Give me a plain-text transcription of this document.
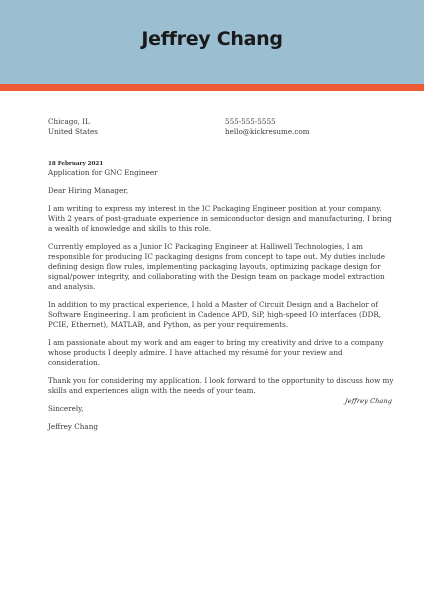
Jeffrey Chang
Chicago, IL
United States
555-555-5555
hello@kickresume.com
18 February 2021
Application for GNC Engineer

Dear Hiring Manager,

I am writing to express my interest in the IC Packaging Engineer position at your company. With 2 years of post-graduate experience in semiconductor design and manufacturing, I bring a wealth of knowledge and skills to this role.

Currently employed as a Junior IC Packaging Engineer at Halliwell Technologies, I am responsible for producing IC packaging designs from concept to tape out. My duties include defining design flow rules, implementing packaging layouts, optimizing package design for signal/power integrity, and collaborating with the Design team on package model extraction and analysis.

In addition to my practical experience, I hold a Master of Circuit Design and a Bachelor of Software Engineering. I am proficient in Cadence APD, SiP, high-speed IO interfaces (DDR, PCIE, Ethernet), MATLAB, and Python, as per your requirements.

I am passionate about my work and am eager to bring my creativity and drive to a company whose products I deeply admire. I have attached my résumé for your review and consideration.

Thank you for considering my application. I look forward to the opportunity to discuss how my skills and experiences align with the needs of your team.

Sincerely,

Jeffrey Chang

Jeffrey Chang
